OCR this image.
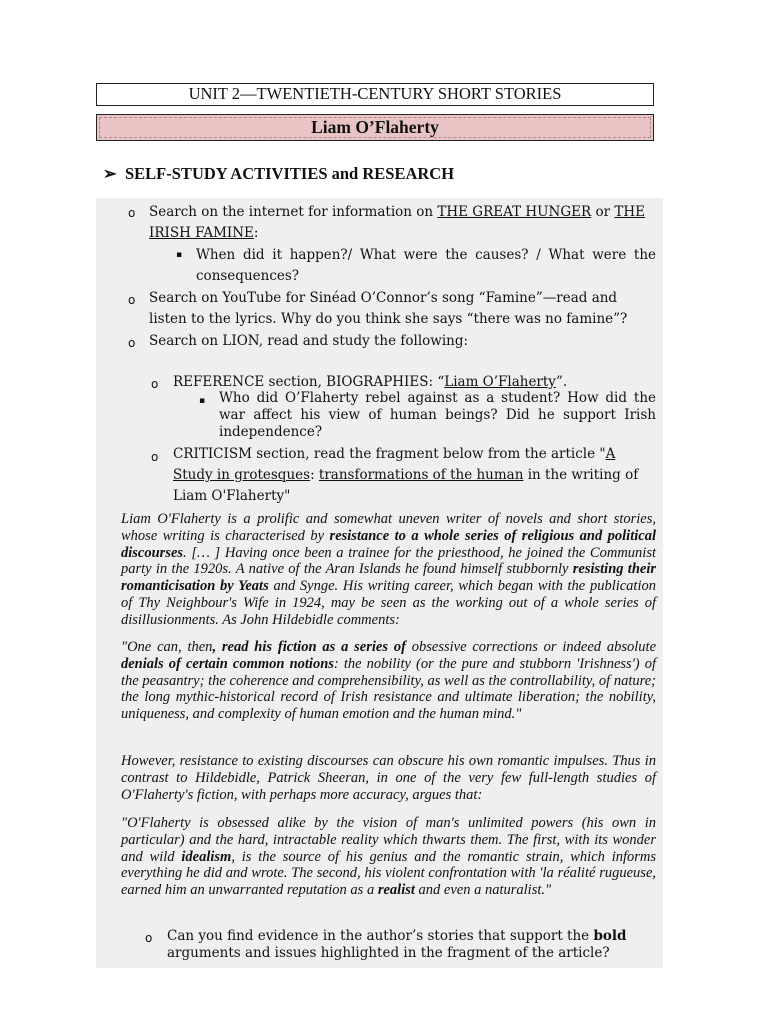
UNIT 2—TWENTIETH-CENTURY SHORT STORIES
Liam O’Flaherty
➢ SELF-STUDY ACTIVITIES and RESEARCH
o Search on the internet for information on THE GREAT HUNGER or THE IRISH FAMINE:
▪ When did it happen?/ What were the causes? / What were the consequences?
o Search on YouTube for Sinéad O’Connor’s song “Famine”—read and listen to the lyrics. Why do you think she says “there was no famine”?
o Search on LION, read and study the following:
o REFERENCE section, BIOGRAPHIES: “Liam O’Flaherty”.
▪ Who did O’Flaherty rebel against as a student? How did the war affect his view of human beings? Did he support Irish independence?
o CRITICISM section, read the fragment below from the article "A Study in grotesques: transformations of the human in the writing of Liam O'Flaherty"
Liam O'Flaherty is a prolific and somewhat uneven writer of novels and short stories, whose writing is characterised by resistance to a whole series of religious and political discourses. [… ] Having once been a trainee for the priesthood, he joined the Communist party in the 1920s. A native of the Aran Islands he found himself stubbornly resisting their romanticisation by Yeats and Synge. His writing career, which began with the publication of Thy Neighbour's Wife in 1924, may be seen as the working out of a whole series of disillusionments. As John Hildebidle comments:
"One can, then, read his fiction as a series of obsessive corrections or indeed absolute denials of certain common notions: the nobility (or the pure and stubborn 'Irishness') of the peasantry; the coherence and comprehensibility, as well as the controllability, of nature; the long mythic-historical record of Irish resistance and ultimate liberation; the nobility, uniqueness, and complexity of human emotion and the human mind."
However, resistance to existing discourses can obscure his own romantic impulses. Thus in contrast to Hildebidle, Patrick Sheeran, in one of the very few full-length studies of O'Flaherty's fiction, with perhaps more accuracy, argues that:
"O'Flaherty is obsessed alike by the vision of man's unlimited powers (his own in particular) and the hard, intractable reality which thwarts them. The first, with its wonder and wild idealism, is the source of his genius and the romantic strain, which informs everything he did and wrote. The second, his violent confrontation with 'la réalité rugueuse, earned him an unwarranted reputation as a realist and even a naturalist."
o Can you find evidence in the author’s stories that support the bold arguments and issues highlighted in the fragment of the article?
